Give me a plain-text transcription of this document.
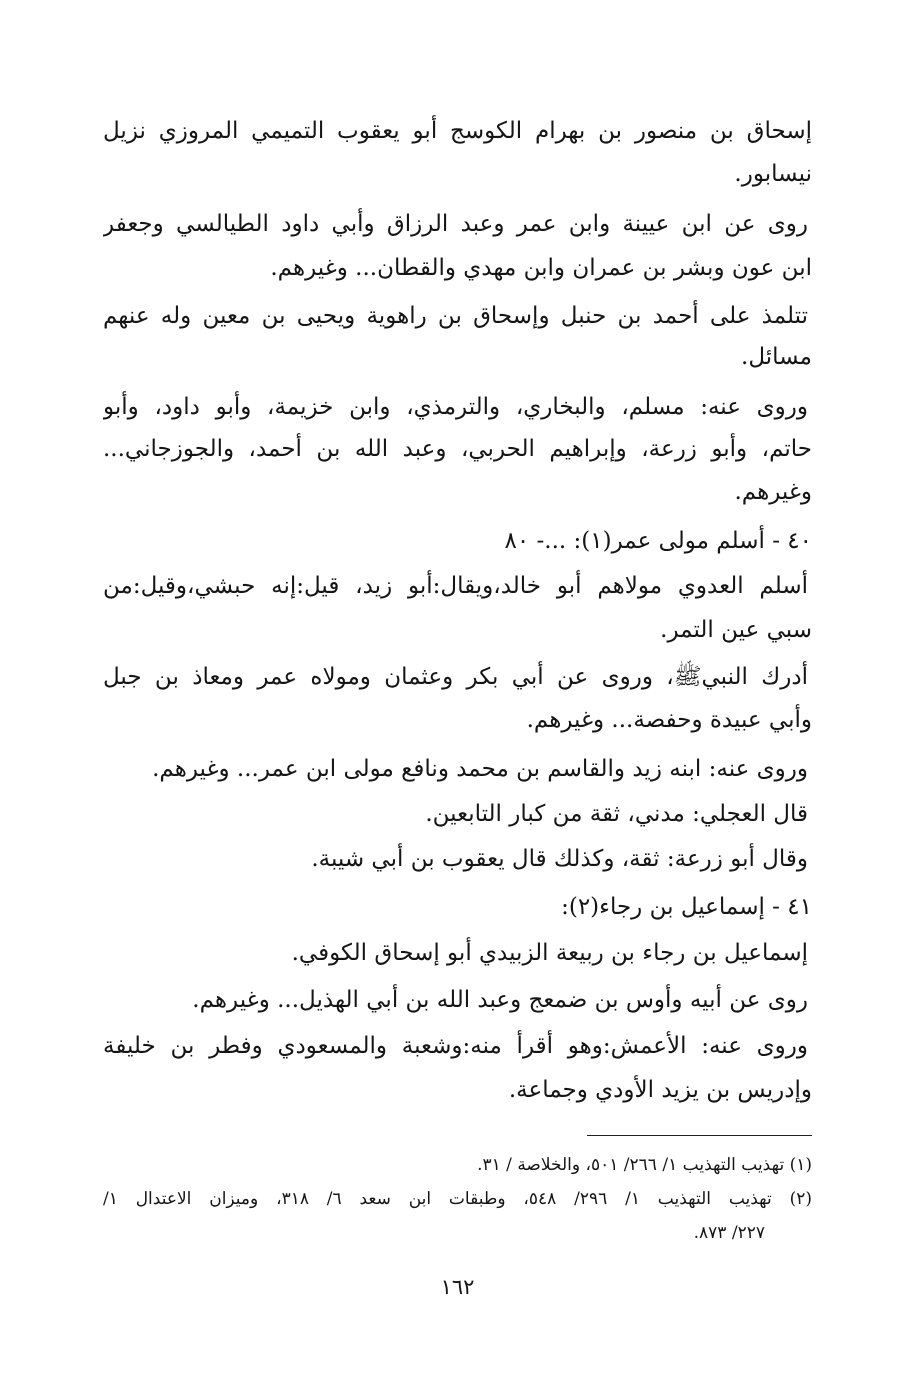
إسحاق بن منصور بن بهرام الكوسج أبو يعقوب التميمي المروزي نزيل
نيسابور.
روى عن ابن عيينة وابن عمر وعبد الرزاق وأبي داود الطيالسي وجعفر
ابن عون وبشر بن عمران وابن مهدي والقطان... وغيرهم.
تتلمذ على أحمد بن حنبل وإسحاق بن راهوية ويحيى بن معين وله عنهم
مسائل.
وروى عنه: مسلم، والبخاري، والترمذي، وابن خزيمة، وأبو داود، وأبو
حاتم، وأبو زرعة، وإبراهيم الحربي، وعبد الله بن أحمد، والجوزجاني...
وغيرهم.
٤٠ - أسلم مولى عمر(١): ...- ٨٠
أسلم العدوي مولاهم أبو خالد،ويقال:أبو زيد، قيل:إنه حبشي،وقيل:من
سبي عين التمر.
أدرك النبيﷺ، وروى عن أبي بكر وعثمان ومولاه عمر ومعاذ بن جبل
وأبي عبيدة وحفصة... وغيرهم.
وروى عنه: ابنه زيد والقاسم بن محمد ونافع مولى ابن عمر... وغيرهم.
قال العجلي: مدني، ثقة من كبار التابعين.
وقال أبو زرعة: ثقة، وكذلك قال يعقوب بن أبي شيبة.
٤١ - إسماعيل بن رجاء(٢):
إسماعيل بن رجاء بن ربيعة الزبيدي أبو إسحاق الكوفي.
روى عن أبيه وأوس بن ضمعج وعبد الله بن أبي الهذيل... وغيرهم.
وروى عنه: الأعمش:وهو أقرأ منه:وشعبة والمسعودي وفطر بن خليفة
وإدريس بن يزيد الأودي وجماعة.
(١) تهذيب التهذيب ١/ ٢٦٦/ ٥٠١، والخلاصة / ٣١.
(٢) تهذيب التهذيب ١/ ٢٩٦/ ٥٤٨، وطبقات ابن سعد ٦/ ٣١٨، وميزان الاعتدال ١/
٢٢٧/ ٨٧٣.
١٦٢
